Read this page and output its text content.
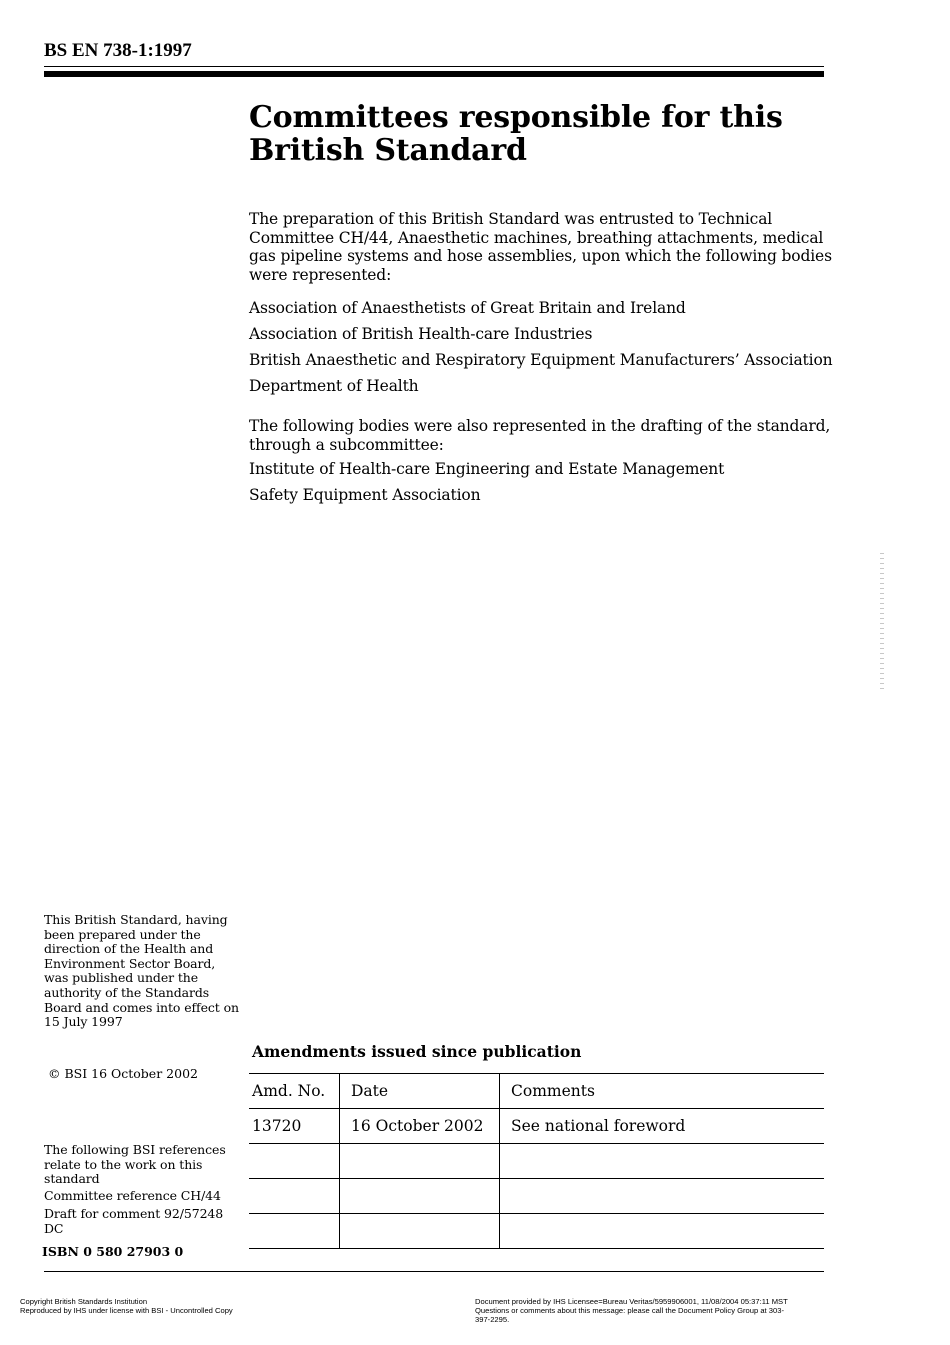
BS EN 738-1:1997
Committees responsible for this
British Standard
The preparation of this British Standard was entrusted to Technical Committee CH/44, Anaesthetic machines, breathing attachments, medical gas pipeline systems and hose assemblies, upon which the following bodies were represented:
Association of Anaesthetists of Great Britain and Ireland
Association of British Health-care Industries
British Anaesthetic and Respiratory Equipment Manufacturers’ Association
Department of Health
The following bodies were also represented in the drafting of the standard, through a subcommittee:
Institute of Health-care Engineering and Estate Management
Safety Equipment Association
This British Standard, having been prepared under the direction of the Health and Environment Sector Board, was published under the authority of the Standards Board and comes into effect on 15 July 1997
© BSI 16 October 2002
The following BSI references relate to the work on this standard
Committee reference CH/44
Draft for comment 92/57248 DC
ISBN 0 580 27903 0
Amendments issued since publication
Amd. No.	Date	Comments
13720	16 October 2002	See national foreword

Copyright British Standards Institution
Reproduced by IHS under license with BSI - Uncontrolled Copy
Document provided by IHS Licensee=Bureau Veritas/5959906001, 11/08/2004 05:37:11 MST Questions or comments about this message: please call the Document Policy Group at 303-397-2295.
